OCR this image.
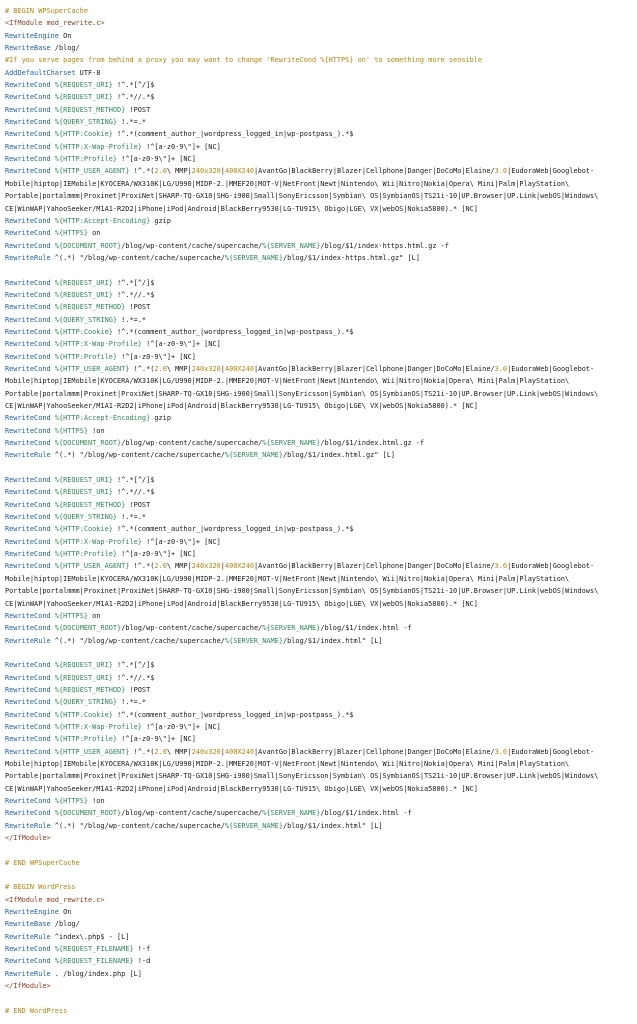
# BEGIN WPSuperCache
<IfModule mod_rewrite.c>
RewriteEngine On
RewriteBase /blog/
#If you serve pages from behind a proxy you may want to change 'RewriteCond %{HTTPS} on' to something more sensible
AddDefaultCharset UTF-8
RewriteCond %{REQUEST_URI} !^.*[^/]$
RewriteCond %{REQUEST_URI} !^.*//.*$
RewriteCond %{REQUEST_METHOD} !POST
RewriteCond %{QUERY_STRING} !.*=.*
RewriteCond %{HTTP:Cookie} !^.*(comment_author_|wordpress_logged_in|wp-postpass_).*$
RewriteCond %{HTTP:X-Wap-Profile} !^[a-z0-9\"]+ [NC]
RewriteCond %{HTTP:Profile} !^[a-z0-9\"]+ [NC]
RewriteCond %{HTTP_USER_AGENT} !^.*(2.0\ MMP|240x320|400X240|AvantGo|BlackBerry|Blazer|Cellphone|Danger|DoCoMo|Elaine/3.0|EudoraWeb|Googlebot-
Mobile|hiptop|IEMobile|KYOCERA/WX310K|LG/U990|MIDP-2.|MMEF20|MOT-V|NetFront|Newt|Nintendo\ Wii|Nitro|Nokia|Opera\ Mini|Palm|PlayStation\
Portable|portalmmm|Proxinet|ProxiNet|SHARP-TQ-GX10|SHG-i900|Small|SonyEricsson|Symbian\ OS|SymbianOS|TS21i-10|UP.Browser|UP.Link|webOS|Windows\
CE|WinWAP|YahooSeeker/M1A1-R2D2|iPhone|iPod|Android|BlackBerry9530|LG-TU915\ Obigo|LGE\ VX|webOS|Nokia5800).* [NC]
RewriteCond %{HTTP:Accept-Encoding} gzip
RewriteCond %{HTTPS} on
RewriteCond %{DOCUMENT_ROOT}/blog/wp-content/cache/supercache/%{SERVER_NAME}/blog/$1/index-https.html.gz -f
RewriteRule ^(.*) "/blog/wp-content/cache/supercache/%{SERVER_NAME}/blog/$1/index-https.html.gz" [L]
RewriteCond %{REQUEST_URI} !^.*[^/]$
RewriteCond %{REQUEST_URI} !^.*//.*$
RewriteCond %{REQUEST_METHOD} !POST
RewriteCond %{QUERY_STRING} !.*=.*
RewriteCond %{HTTP:Cookie} !^.*(comment_author_|wordpress_logged_in|wp-postpass_).*$
RewriteCond %{HTTP:X-Wap-Profile} !^[a-z0-9\"]+ [NC]
RewriteCond %{HTTP:Profile} !^[a-z0-9\"]+ [NC]
RewriteCond %{HTTP_USER_AGENT} !^.*(2.0\ MMP|240x320|400X240|AvantGo|BlackBerry|Blazer|Cellphone|Danger|DoCoMo|Elaine/3.0|EudoraWeb|Googlebot-
Mobile|hiptop|IEMobile|KYOCERA/WX310K|LG/U990|MIDP-2.|MMEF20|MOT-V|NetFront|Newt|Nintendo\ Wii|Nitro|Nokia|Opera\ Mini|Palm|PlayStation\
Portable|portalmmm|Proxinet|ProxiNet|SHARP-TQ-GX10|SHG-i900|Small|SonyEricsson|Symbian\ OS|SymbianOS|TS21i-10|UP.Browser|UP.Link|webOS|Windows\
CE|WinWAP|YahooSeeker/M1A1-R2D2|iPhone|iPod|Android|BlackBerry9530|LG-TU915\ Obigo|LGE\ VX|webOS|Nokia5800).* [NC]
RewriteCond %{HTTP:Accept-Encoding} gzip
RewriteCond %{HTTPS} !on
RewriteCond %{DOCUMENT_ROOT}/blog/wp-content/cache/supercache/%{SERVER_NAME}/blog/$1/index.html.gz -f
RewriteRule ^(.*) "/blog/wp-content/cache/supercache/%{SERVER_NAME}/blog/$1/index.html.gz" [L]
RewriteCond %{REQUEST_URI} !^.*[^/]$
RewriteCond %{REQUEST_URI} !^.*//.*$
RewriteCond %{REQUEST_METHOD} !POST
RewriteCond %{QUERY_STRING} !.*=.*
RewriteCond %{HTTP:Cookie} !^.*(comment_author_|wordpress_logged_in|wp-postpass_).*$
RewriteCond %{HTTP:X-Wap-Profile} !^[a-z0-9\"]+ [NC]
RewriteCond %{HTTP:Profile} !^[a-z0-9\"]+ [NC]
RewriteCond %{HTTP_USER_AGENT} !^.*(2.0\ MMP|240x320|400X240|AvantGo|BlackBerry|Blazer|Cellphone|Danger|DoCoMo|Elaine/3.0|EudoraWeb|Googlebot-
Mobile|hiptop|IEMobile|KYOCERA/WX310K|LG/U990|MIDP-2.|MMEF20|MOT-V|NetFront|Newt|Nintendo\ Wii|Nitro|Nokia|Opera\ Mini|Palm|PlayStation\
Portable|portalmmm|Proxinet|ProxiNet|SHARP-TQ-GX10|SHG-i900|Small|SonyEricsson|Symbian\ OS|SymbianOS|TS21i-10|UP.Browser|UP.Link|webOS|Windows\
CE|WinWAP|YahooSeeker/M1A1-R2D2|iPhone|iPod|Android|BlackBerry9530|LG-TU915\ Obigo|LGE\ VX|webOS|Nokia5800).* [NC]
RewriteCond %{HTTPS} on
RewriteCond %{DOCUMENT_ROOT}/blog/wp-content/cache/supercache/%{SERVER_NAME}/blog/$1/index.html -f
RewriteRule ^(.*) "/blog/wp-content/cache/supercache/%{SERVER_NAME}/blog/$1/index.html" [L]
RewriteCond %{REQUEST_URI} !^.*[^/]$
RewriteCond %{REQUEST_URI} !^.*//.*$
RewriteCond %{REQUEST_METHOD} !POST
RewriteCond %{QUERY_STRING} !.*=.*
RewriteCond %{HTTP:Cookie} !^.*(comment_author_|wordpress_logged_in|wp-postpass_).*$
RewriteCond %{HTTP:X-Wap-Profile} !^[a-z0-9\"]+ [NC]
RewriteCond %{HTTP:Profile} !^[a-z0-9\"]+ [NC]
RewriteCond %{HTTP_USER_AGENT} !^.*(2.0\ MMP|240x320|400X240|AvantGo|BlackBerry|Blazer|Cellphone|Danger|DoCoMo|Elaine/3.0|EudoraWeb|Googlebot-
Mobile|hiptop|IEMobile|KYOCERA/WX310K|LG/U990|MIDP-2.|MMEF20|MOT-V|NetFront|Newt|Nintendo\ Wii|Nitro|Nokia|Opera\ Mini|Palm|PlayStation\
Portable|portalmmm|Proxinet|ProxiNet|SHARP-TQ-GX10|SHG-i900|Small|SonyEricsson|Symbian\ OS|SymbianOS|TS21i-10|UP.Browser|UP.Link|webOS|Windows\
CE|WinWAP|YahooSeeker/M1A1-R2D2|iPhone|iPod|Android|BlackBerry9530|LG-TU915\ Obigo|LGE\ VX|webOS|Nokia5800).* [NC]
RewriteCond %{HTTPS} !on
RewriteCond %{DOCUMENT_ROOT}/blog/wp-content/cache/supercache/%{SERVER_NAME}/blog/$1/index.html -f
RewriteRule ^(.*) "/blog/wp-content/cache/supercache/%{SERVER_NAME}/blog/$1/index.html" [L]
</IfModule>
# END WPSuperCache
# BEGIN WordPress
<IfModule mod_rewrite.c>
RewriteEngine On
RewriteBase /blog/
RewriteRule ^index\.php$ - [L]
RewriteCond %{REQUEST_FILENAME} !-f
RewriteCond %{REQUEST_FILENAME} !-d
RewriteRule . /blog/index.php [L]
</IfModule>
# END WordPress
